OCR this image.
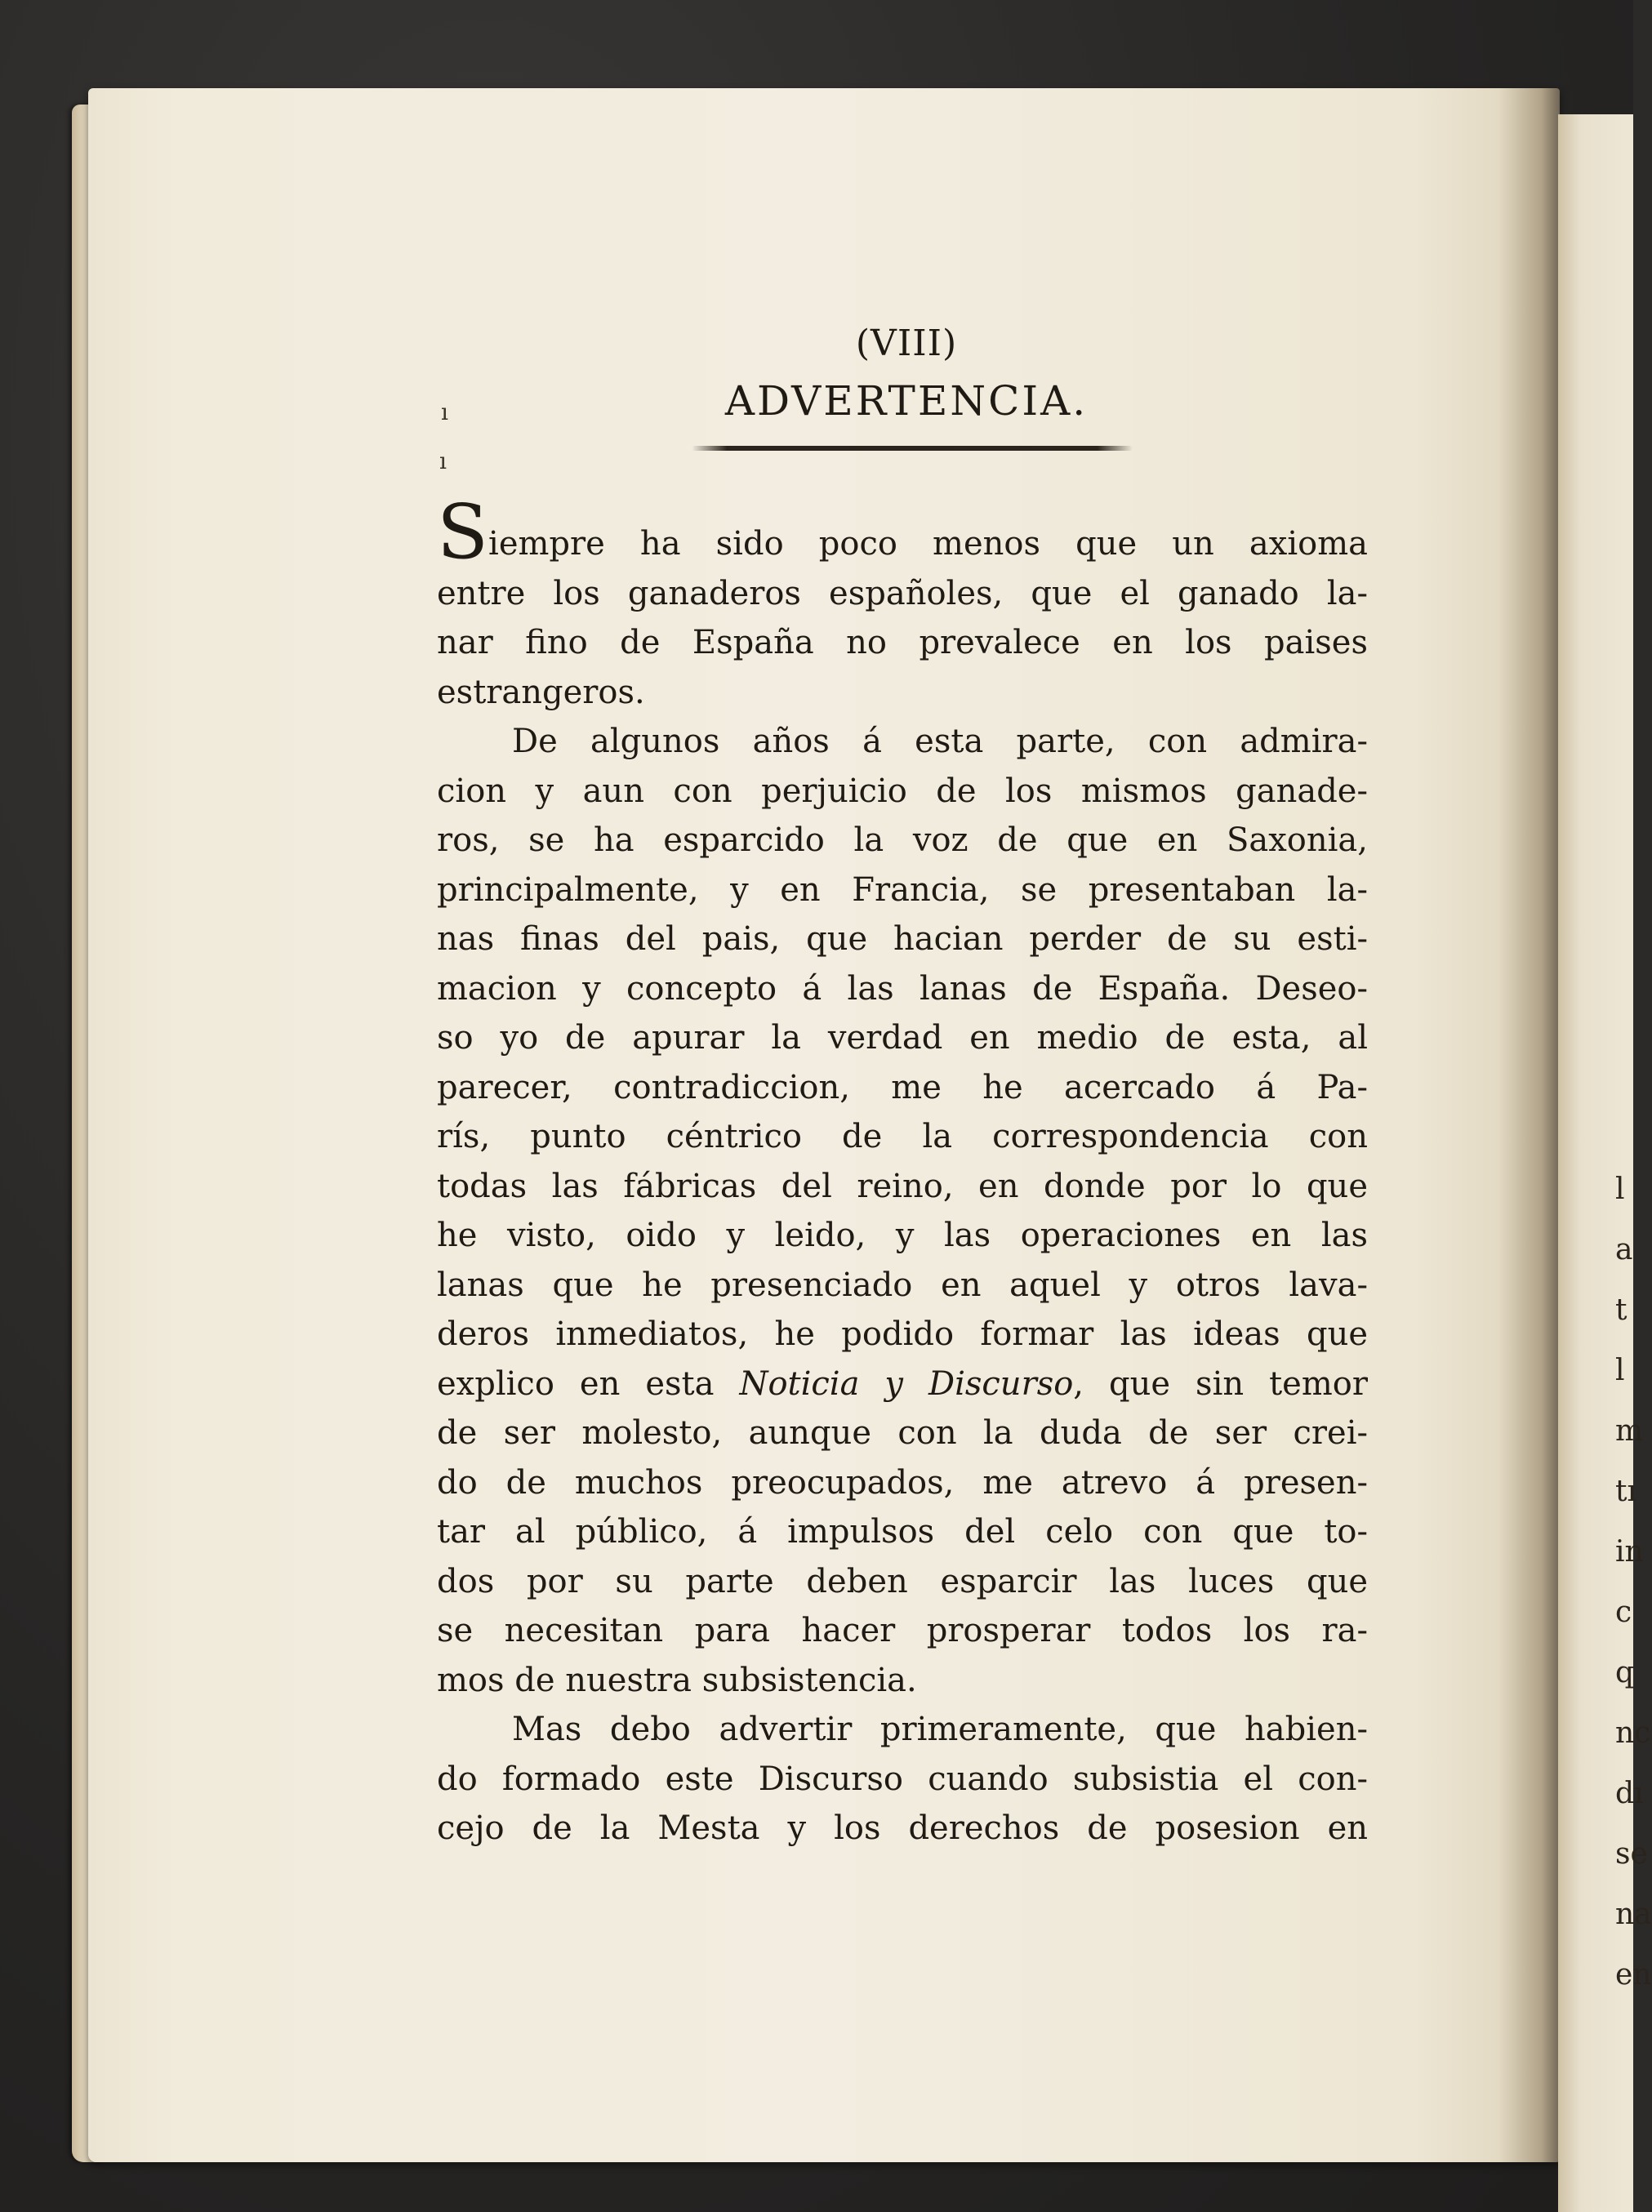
l
a
t
l
m
tı
in
c
q
nc
dı
se
na
en
ı
ı
(VIII)
ADVERTENCIA.
Siempre ha sido poco menos que un axioma
entre los ganaderos españoles, que el ganado la-
nar fino de España no prevalece en los paises
estrangeros.
De algunos años á esta parte, con admira-
cion y aun con perjuicio de los mismos ganade-
ros, se ha esparcido la voz de que en Saxonia,
principalmente, y en Francia, se presentaban la-
nas finas del pais, que hacian perder de su esti-
macion y concepto á las lanas de España. Deseo-
so yo de apurar la verdad en medio de esta, al
parecer, contradiccion, me he acercado á Pa-
rís, punto céntrico de la correspondencia con
todas las fábricas del reino, en donde por lo que
he visto, oido y leido, y las operaciones en las
lanas que he presenciado en aquel y otros lava-
deros inmediatos, he podido formar las ideas que
explico en esta Noticia y Discurso, que sin temor
de ser molesto, aunque con la duda de ser crei-
do de muchos preocupados, me atrevo á presen-
tar al público, á impulsos del celo con que to-
dos por su parte deben esparcir las luces que
se necesitan para hacer prosperar todos los ra-
mos de nuestra subsistencia.
Mas debo advertir primeramente, que habien-
do formado este Discurso cuando subsistia el con-
cejo de la Mesta y los derechos de posesion en
